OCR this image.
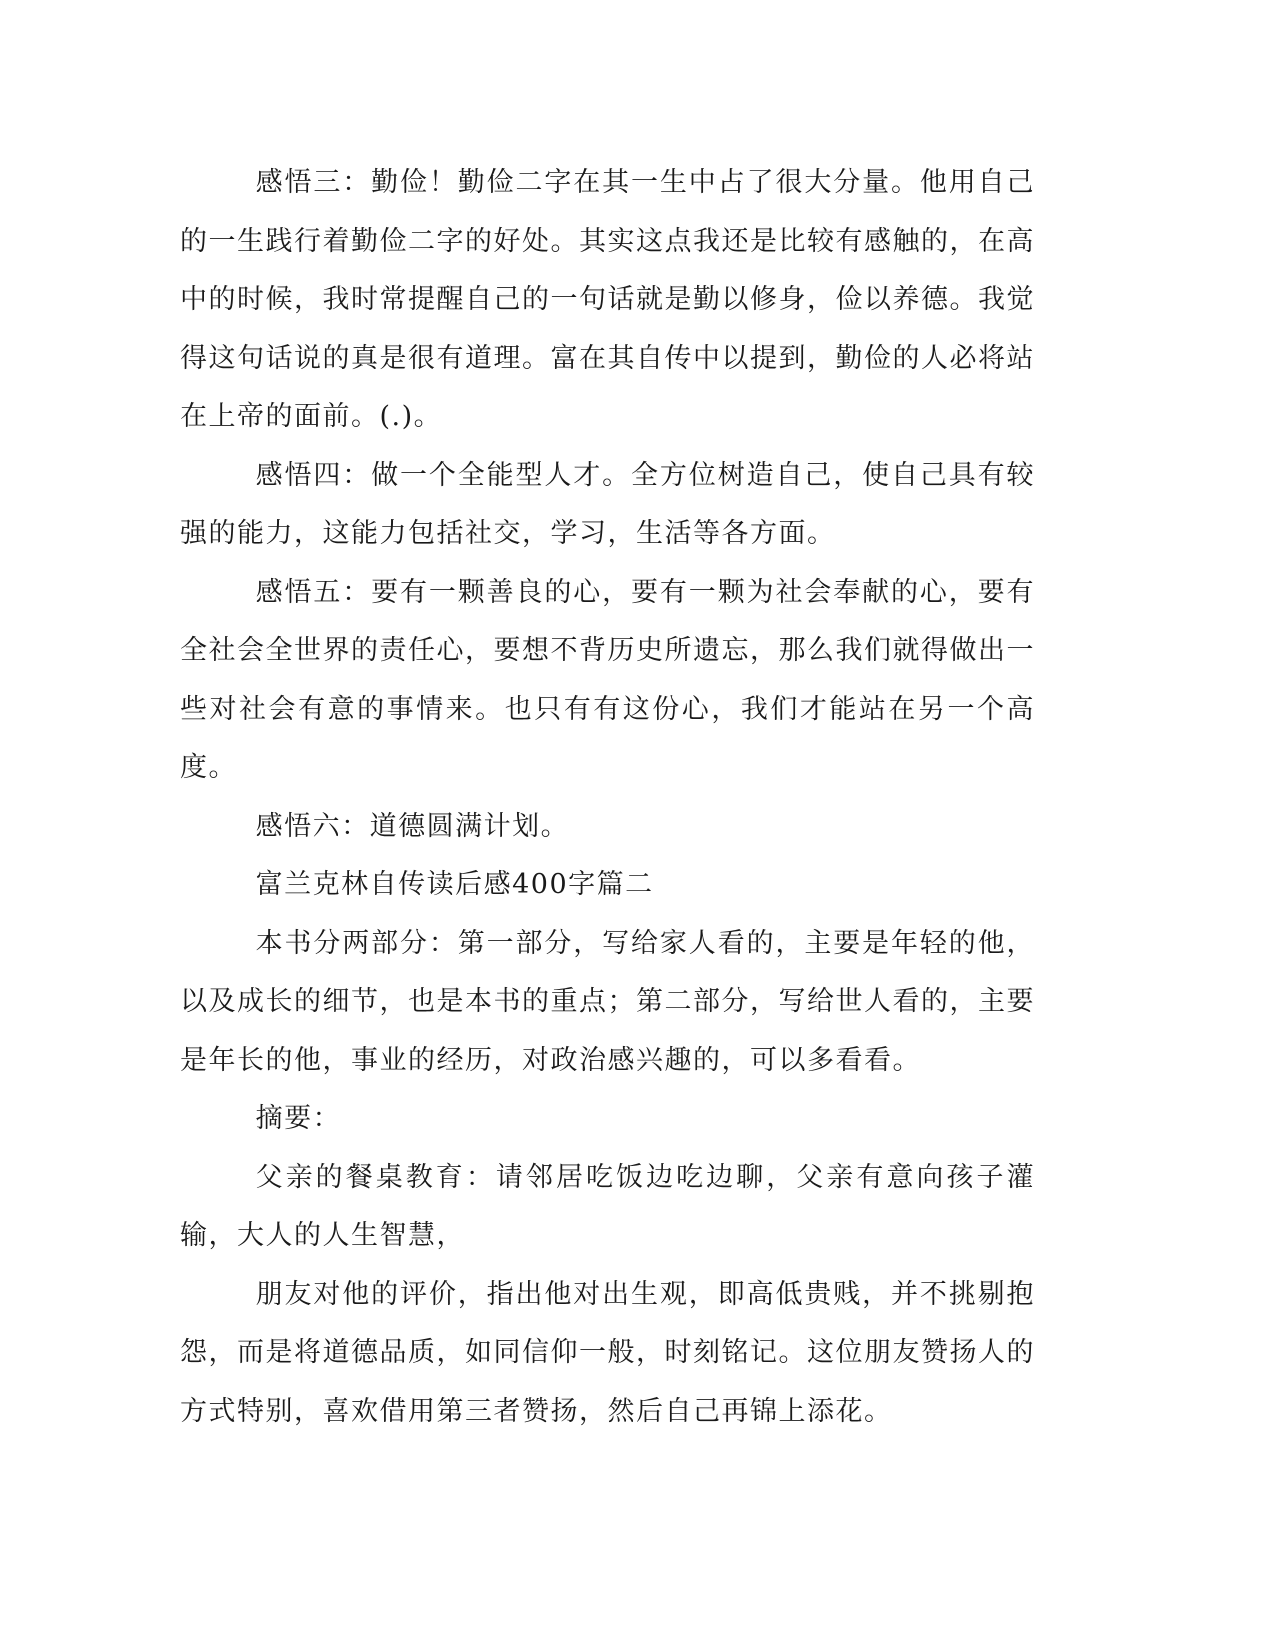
感悟三：勤俭！勤俭二字在其一生中占了很大分量。他用自己的一生践行着勤俭二字的好处。其实这点我还是比较有感触的，在高中的时候，我时常提醒自己的一句话就是勤以修身，俭以养德。我觉得这句话说的真是很有道理。富在其自传中以提到，勤俭的人必将站在上帝的面前。(.)。

感悟四：做一个全能型人才。全方位树造自己，使自己具有较强的能力，这能力包括社交，学习，生活等各方面。

感悟五：要有一颗善良的心，要有一颗为社会奉献的心，要有全社会全世界的责任心，要想不背历史所遗忘，那么我们就得做出一些对社会有意的事情来。也只有有这份心，我们才能站在另一个高度。

感悟六：道德圆满计划。

富兰克林自传读后感400字篇二

本书分两部分：第一部分，写给家人看的，主要是年轻的他，以及成长的细节，也是本书的重点；第二部分，写给世人看的，主要是年长的他，事业的经历，对政治感兴趣的，可以多看看。

摘要：

父亲的餐桌教育：请邻居吃饭边吃边聊，父亲有意向孩子灌输，大人的人生智慧，

朋友对他的评价，指出他对出生观，即高低贵贱，并不挑剔抱怨，而是将道德品质，如同信仰一般，时刻铭记。这位朋友赞扬人的方式特别，喜欢借用第三者赞扬，然后自己再锦上添花。
